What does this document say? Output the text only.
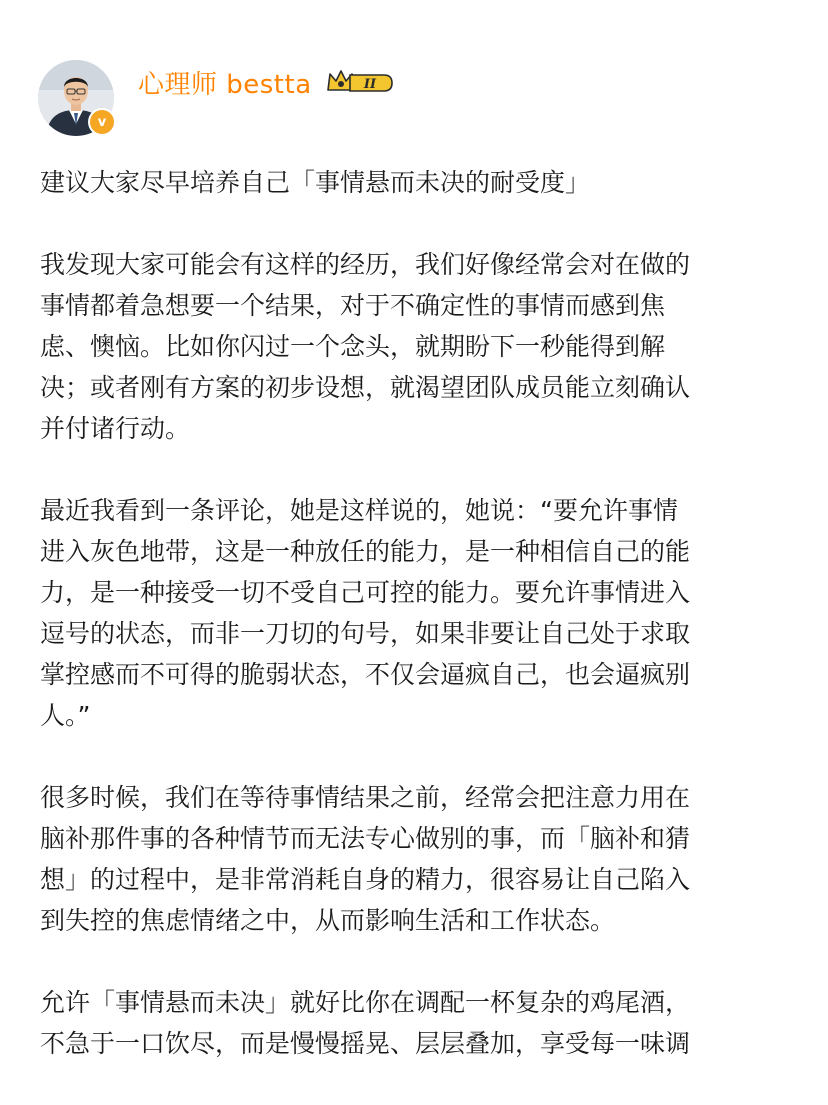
v
心理师 bestta	II

建议大家尽早培养自己「事情悬而未决的耐受度」

我发现大家可能会有这样的经历，我们好像经常会对在做的
事情都着急想要一个结果，对于不确定性的事情而感到焦
虑、懊恼。比如你闪过一个念头，就期盼下一秒能得到解
决；或者刚有方案的初步设想，就渴望团队成员能立刻确认
并付诸行动。

最近我看到一条评论，她是这样说的，她说：“要允许事情
进入灰色地带，这是一种放任的能力，是一种相信自己的能
力，是一种接受一切不受自己可控的能力。要允许事情进入
逗号的状态，而非一刀切的句号，如果非要让自己处于求取
掌控感而不可得的脆弱状态，不仅会逼疯自己，也会逼疯别
人。”

很多时候，我们在等待事情结果之前，经常会把注意力用在
脑补那件事的各种情节而无法专心做别的事，而「脑补和猜
想」的过程中，是非常消耗自身的精力，很容易让自己陷入
到失控的焦虑情绪之中，从而影响生活和工作状态。

允许「事情悬而未决」就好比你在调配一杯复杂的鸡尾酒，
不急于一口饮尽，而是慢慢摇晃、层层叠加，享受每一味调
